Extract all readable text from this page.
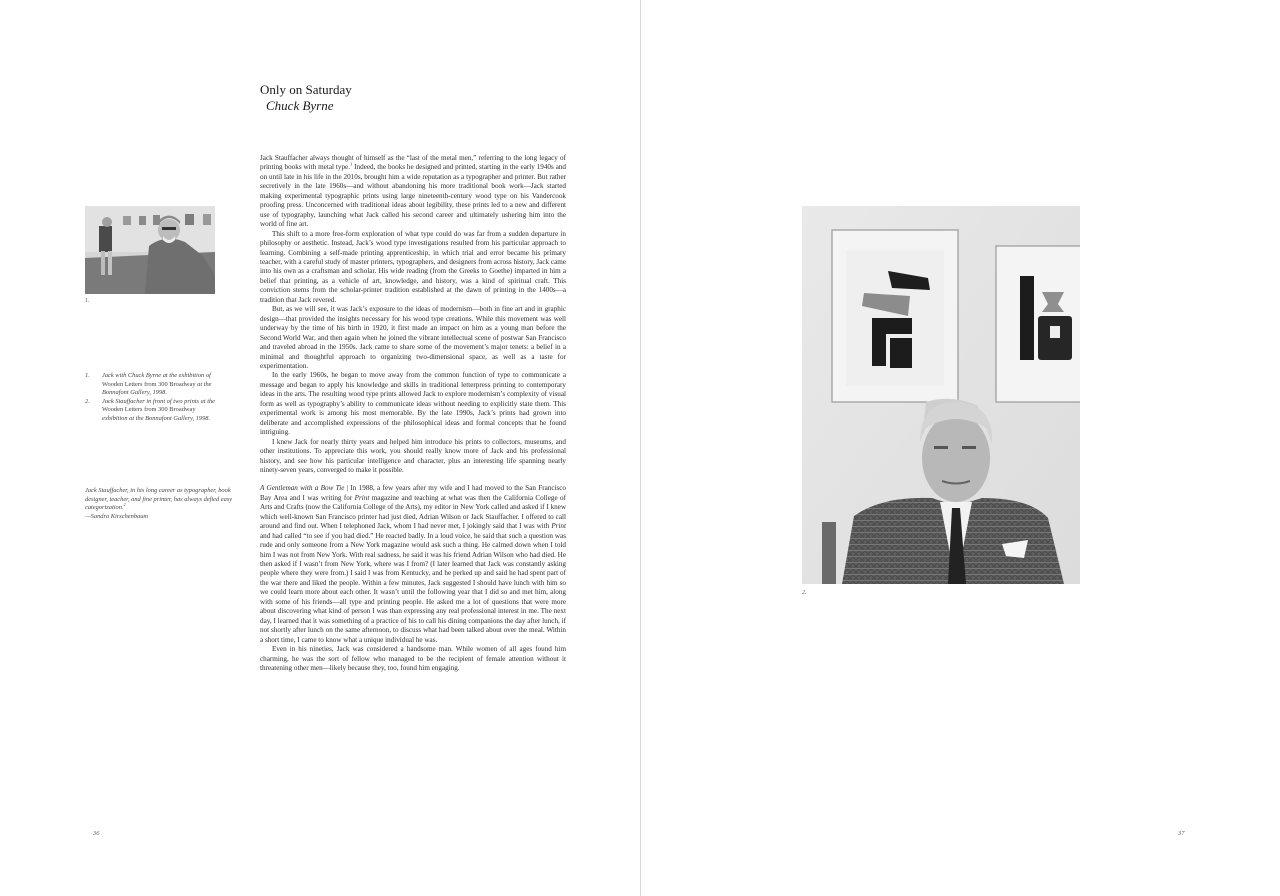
Only on Saturday
Chuck Byrne
1.
1.	Jack with Chuck Byrne at the exhibition of Wooden Letters from 300 Broadway at the Bonnafont Gallery, 1998.
2.	Jack Stauffacher in front of two prints at the Wooden Letters from 300 Broadway exhibition at the Bonnafont Gallery, 1998.
Jack Stauffacher, in his long career as typographer, book designer, teacher, and fine printer, has always defied easy categorization.$^2$
—Sandra Kirschenbaum

Jack Stauffacher always thought of himself as the “last of the metal men,” referring to the long legacy of printing books with metal type.$^1$ Indeed, the books he designed and printed, starting in the early 1940s and on until late in his life in the 2010s, brought him a wide reputation as a typographer and printer. But rather secretively in the late 1960s—and without abandoning his more traditional book work—Jack started making experimental typographic prints using large nineteenth-century wood type on his Vandercook proofing press. Unconcerned with traditional ideas about legibility, these prints led to a new and different use of typography, launching what Jack called his second career and ultimately ushering him into the world of fine art.

This shift to a more free-form exploration of what type could do was far from a sudden departure in philosophy or aesthetic. Instead, Jack’s wood type investigations resulted from his particular approach to learning. Combining a self-made printing apprenticeship, in which trial and error became his primary teacher, with a careful study of master printers, typographers, and designers from across history, Jack came into his own as a craftsman and scholar. His wide reading (from the Greeks to Goethe) imparted in him a belief that printing, as a vehicle of art, knowledge, and history, was a kind of spiritual craft. This conviction stems from the scholar-printer tradition established at the dawn of printing in the 1400s—a tradition that Jack revered.

But, as we will see, it was Jack’s exposure to the ideas of modernism—both in fine art and in graphic design—that provided the insights necessary for his wood type creations. While this movement was well underway by the time of his birth in 1920, it first made an impact on him as a young man before the Second World War, and then again when he joined the vibrant intellectual scene of postwar San Francisco and traveled abroad in the 1950s. Jack came to share some of the movement’s major tenets: a belief in a minimal and thoughtful approach to organizing two-dimensional space, as well as a taste for experimentation.

In the early 1960s, he began to move away from the common function of type to communicate a message and began to apply his knowledge and skills in traditional letterpress printing to contemporary ideas in the arts. The resulting wood type prints allowed Jack to explore modernism’s complexity of visual form as well as typography’s ability to communicate ideas without needing to explicitly state them. This experimental work is among his most memorable. By the late 1990s, Jack’s prints had grown into deliberate and accomplished expressions of the philosophical ideas and formal concepts that he found intriguing.

I knew Jack for nearly thirty years and helped him introduce his prints to collectors, museums, and other institutions. To appreciate this work, you should really know more of Jack and his professional history, and see how his particular intelligence and character, plus an interesting life spanning nearly ninety-seven years, converged to make it possible.

A Gentleman with a Bow Tie | In 1988, a few years after my wife and I had moved to the San Francisco Bay Area and I was writing for Print magazine and teaching at what was then the California College of Arts and Crafts (now the California College of the Arts), my editor in New York called and asked if I knew which well-known San Francisco printer had just died, Adrian Wilson or Jack Stauffacher. I offered to call around and find out. When I telephoned Jack, whom I had never met, I jokingly said that I was with Print and had called “to see if you had died.” He reacted badly. In a loud voice, he said that such a question was rude and only someone from a New York magazine would ask such a thing. He calmed down when I told him I was not from New York. With real sadness, he said it was his friend Adrian Wilson who had died. He then asked if I wasn’t from New York, where was I from? (I later learned that Jack was constantly asking people where they were from.) I said I was from Kentucky, and he perked up and said he had spent part of the war there and liked the people. Within a few minutes, Jack suggested I should have lunch with him so we could learn more about each other. It wasn’t until the following year that I did so and met him, along with some of his friends—all type and printing people. He asked me a lot of questions that were more about discovering what kind of person I was than expressing any real professional interest in me. The next day, I learned that it was something of a practice of his to call his dining companions the day after lunch, if not shortly after lunch on the same afternoon, to discuss what had been talked about over the meal. Within a short time, I came to know what a unique individual he was.

Even in his nineties, Jack was considered a handsome man. While women of all ages found him charming, he was the sort of fellow who managed to be the recipient of female attention without it threatening other men—likely because they, too, found him engaging.

36
2.
37
